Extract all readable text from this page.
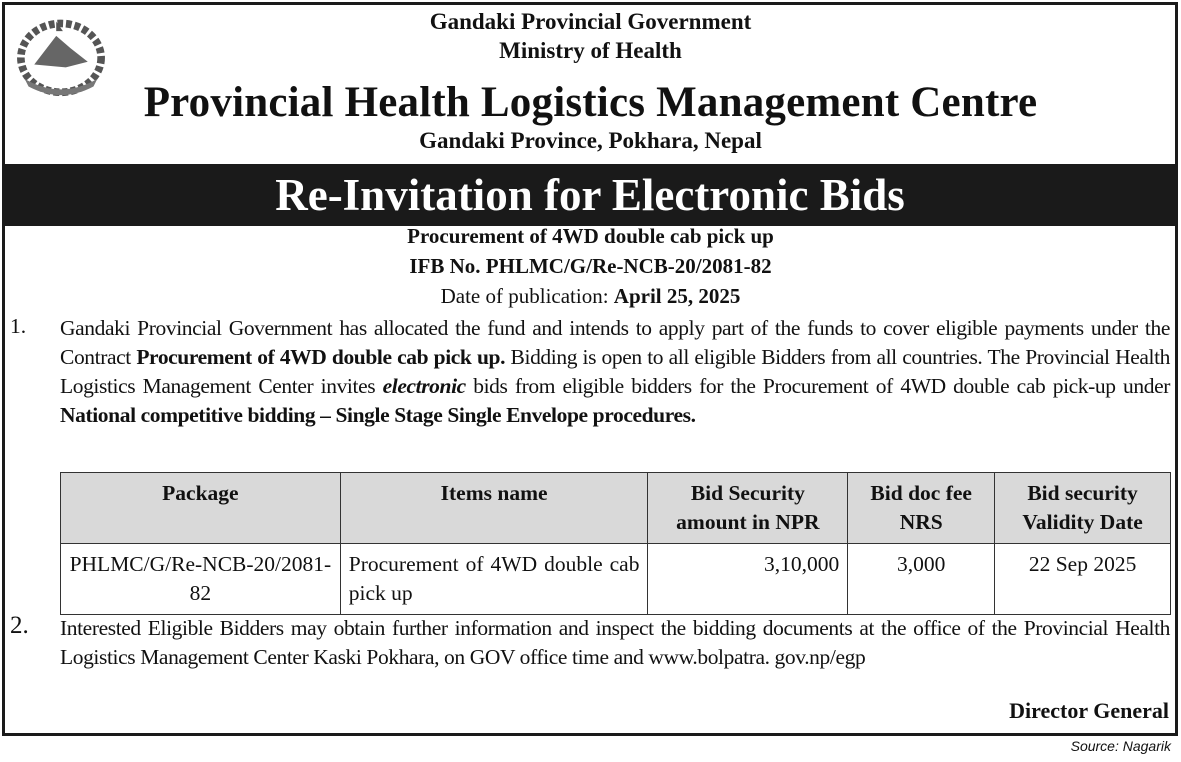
Gandaki Provincial Government
Ministry of Health
Provincial Health Logistics Management Centre
Gandaki Province, Pokhara, Nepal
Re-Invitation for Electronic Bids
Procurement of 4WD double cab pick up
IFB No. PHLMC/G/Re-NCB-20/2081-82
Date of publication: April 25, 2025
1. Gandaki Provincial Government has allocated the fund and intends to apply part of the funds to cover eligible payments under the Contract Procurement of 4WD double cab pick up. Bidding is open to all eligible Bidders from all countries. The Provincial Health Logistics Management Center invites electronic bids from eligible bidders for the Procurement of 4WD double cab pick-up under National competitive bidding – Single Stage Single Envelope procedures.
Package	Items name	Bid Security amount in NPR	Bid doc fee NRS	Bid security Validity Date
PHLMC/G/Re-NCB-20/2081-82	Procurement of 4WD double cab pick up	3,10,000	3,000	22 Sep 2025
2. Interested Eligible Bidders may obtain further information and inspect the bidding documents at the office of the Provincial Health Logistics Management Center Kaski Pokhara, on GOV office time and www.bolpatra. gov.np/egp
Director General
Source: Nagarik
